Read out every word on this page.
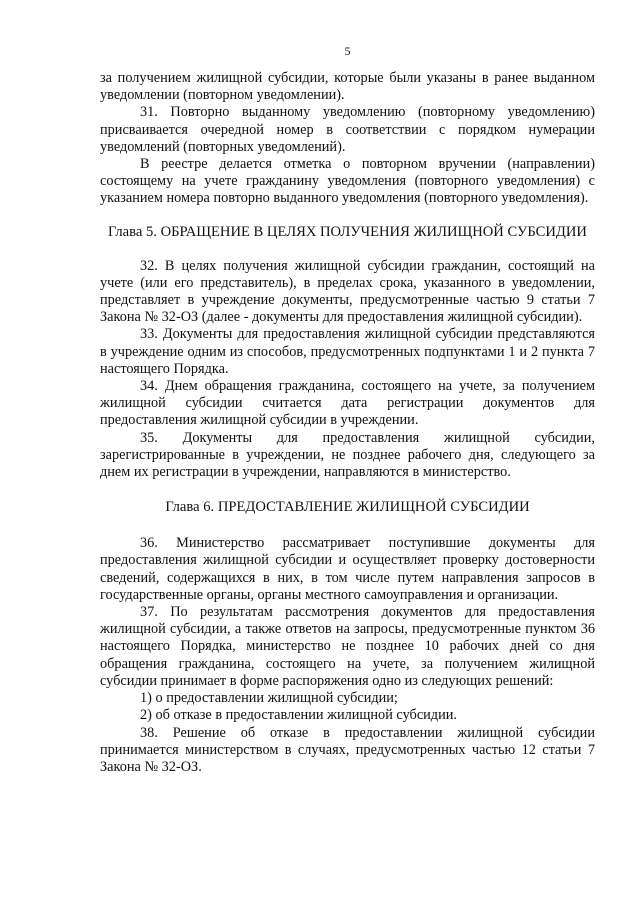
5

за получением жилищной субсидии, которые были указаны в ранее выданном уведомлении (повторном уведомлении).

31. Повторно выданному уведомлению (повторному уведомлению) присваивается очередной номер в соответствии с порядком нумерации уведомлений (повторных уведомлений).

В реестре делается отметка о повторном вручении (направлении) состоящему на учете гражданину уведомления (повторного уведомления) с указанием номера повторно выданного уведомления (повторного уведомления).

Глава 5. ОБРАЩЕНИЕ В ЦЕЛЯХ ПОЛУЧЕНИЯ ЖИЛИЩНОЙ СУБСИДИИ

32. В целях получения жилищной субсидии гражданин, состоящий на учете (или его представитель), в пределах срока, указанного в уведомлении, представляет в учреждение документы, предусмотренные частью 9 статьи 7 Закона № 32-ОЗ (далее - документы для предоставления жилищной субсидии).

33. Документы для предоставления жилищной субсидии представляются в учреждение одним из способов, предусмотренных подпунктами 1 и 2 пункта 7 настоящего Порядка.

34. Днем обращения гражданина, состоящего на учете, за получением жилищной субсидии считается дата регистрации документов для предоставления жилищной субсидии в учреждении.

35. Документы для предоставления жилищной субсидии, зарегистрированные в учреждении, не позднее рабочего дня, следующего за днем их регистрации в учреждении, направляются в министерство.

Глава 6. ПРЕДОСТАВЛЕНИЕ ЖИЛИЩНОЙ СУБСИДИИ

36. Министерство рассматривает поступившие документы для предоставления жилищной субсидии и осуществляет проверку достоверности сведений, содержащихся в них, в том числе путем направления запросов в государственные органы, органы местного самоуправления и организации.

37. По результатам рассмотрения документов для предоставления жилищной субсидии, а также ответов на запросы, предусмотренные пунктом 36 настоящего Порядка, министерство не позднее 10 рабочих дней со дня обращения гражданина, состоящего на учете, за получением жилищной субсидии принимает в форме распоряжения одно из следующих решений:

1) о предоставлении жилищной субсидии;

2) об отказе в предоставлении жилищной субсидии.

38. Решение об отказе в предоставлении жилищной субсидии принимается министерством в случаях, предусмотренных частью 12 статьи 7 Закона № 32-ОЗ.
